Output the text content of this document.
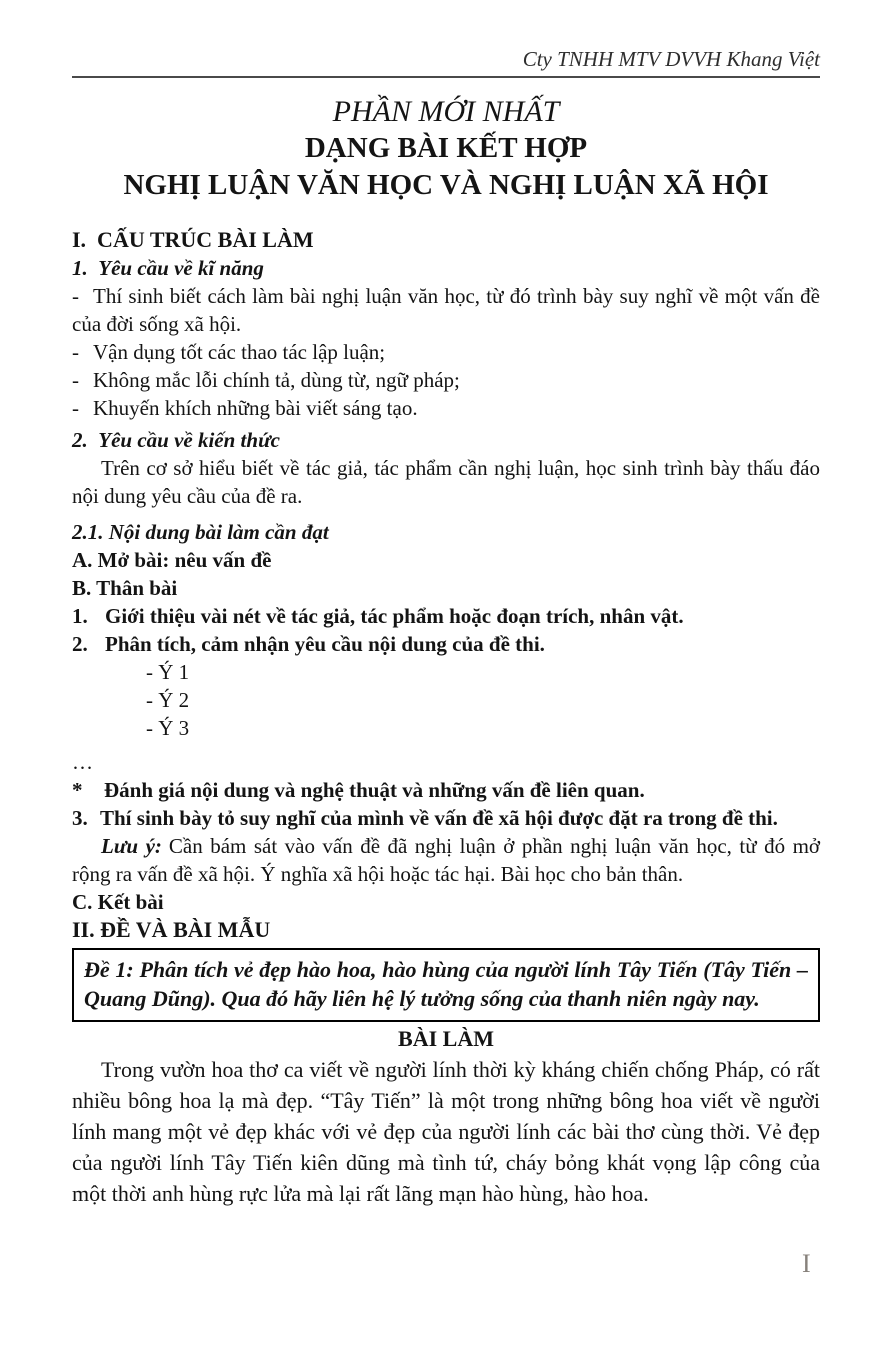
Cty TNHH MTV DVVH Khang Việt
PHẦN MỚI NHẤT
DẠNG BÀI KẾT HỢP
NGHỊ LUẬN VĂN HỌC VÀ NGHỊ LUẬN XÃ HỘI
I.  CẤU TRÚC BÀI LÀM
1.  Yêu cầu về kĩ năng

- Thí sinh biết cách làm bài nghị luận văn học, từ đó trình bày suy nghĩ về một vấn đề của đời sống xã hội.

- Vận dụng tốt các thao tác lập luận;

- Không mắc lỗi chính tả, dùng từ, ngữ pháp;

- Khuyến khích những bài viết sáng tạo.

2.  Yêu cầu về kiến thức

Trên cơ sở hiểu biết về tác giả, tác phẩm cần nghị luận, học sinh trình bày thấu đáo nội dung yêu cầu của đề ra.

2.1. Nội dung bài làm cần đạt

A. Mở bài: nêu vấn đề

B. Thân bài

1. Giới thiệu vài nét về tác giả, tác phẩm hoặc đoạn trích, nhân vật.

2. Phân tích, cảm nhận yêu cầu nội dung của đề thi.

- Ý 1

- Ý 2

- Ý 3

…

* Đánh giá nội dung và nghệ thuật và những vấn đề liên quan.

3. Thí sinh bày tỏ suy nghĩ của mình về vấn đề xã hội được đặt ra trong đề thi.

Lưu ý: Cần bám sát vào vấn đề đã nghị luận ở phần nghị luận văn học, từ đó mở rộng ra vấn đề xã hội. Ý nghĩa xã hội hoặc tác hại. Bài học cho bản thân.

C. Kết bài

II. ĐỀ VÀ BÀI MẪU

Đề 1: Phân tích vẻ đẹp hào hoa, hào hùng của người lính Tây Tiến (Tây Tiến – Quang Dũng). Qua đó hãy liên hệ lý tưởng sống của thanh niên ngày nay.

BÀI LÀM

Trong vườn hoa thơ ca viết về người lính thời kỳ kháng chiến chống Pháp, có rất nhiều bông hoa lạ mà đẹp. “Tây Tiến” là một trong những bông hoa viết về người lính mang một vẻ đẹp khác với vẻ đẹp của người lính các bài thơ cùng thời. Vẻ đẹp của người lính Tây Tiến kiên dũng mà tình tứ, cháy bỏng khát vọng lập công của một thời anh hùng rực lửa mà lại rất lãng mạn hào hùng, hào hoa.

I
